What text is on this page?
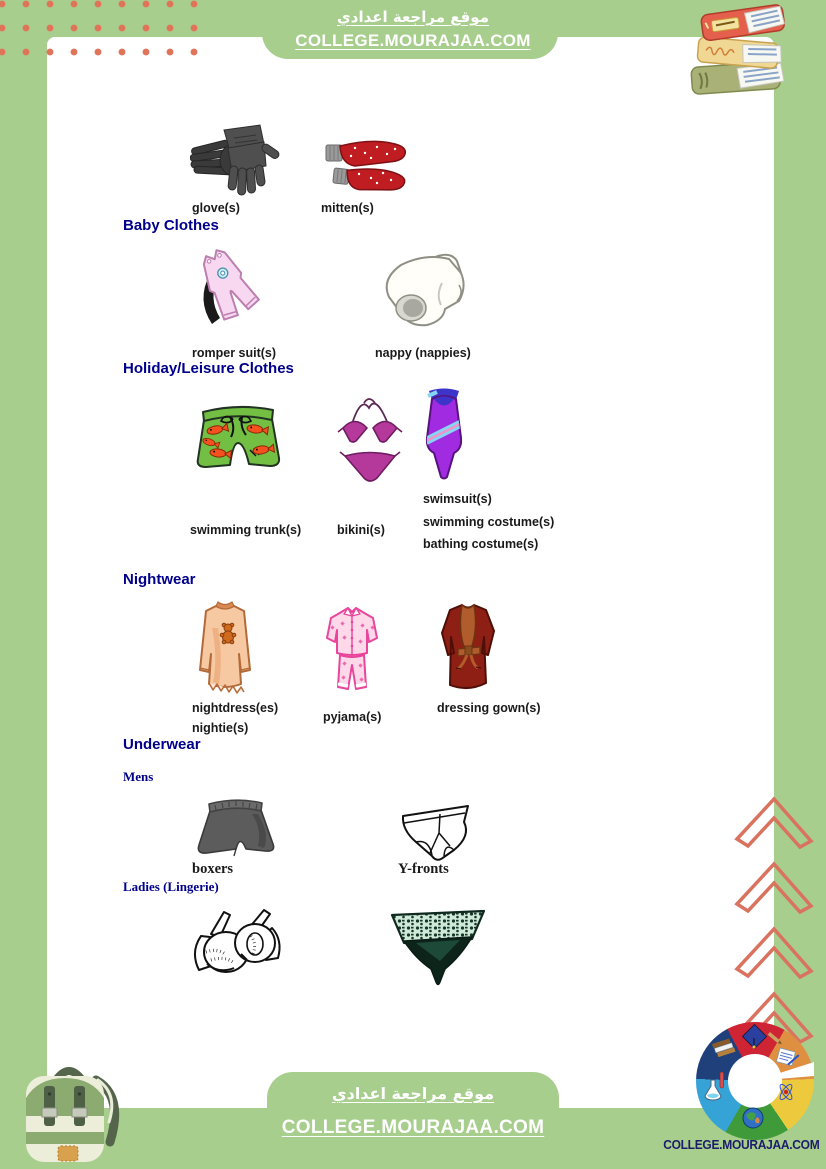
موقع مراجعة اعدادي
COLLEGE.MOURAJAA.COM
glove(s)	mitten(s)
Baby Clothes
romper suit(s)	nappy (nappies)
Holiday/Leisure Clothes
swimsuit(s)
swimming costume(s)
swimming trunk(s)	bikini(s)
bathing costume(s)
Nightwear
nightdress(es)	dressing gown(s)
pyjama(s)
nightie(s)
Underwear
Mens
boxers	Y-fronts
Ladies (Lingerie)
موقع مراجعة اعدادي
COLLEGE.MOURAJAA.COM
COLLEGE.MOURAJAA.COM
